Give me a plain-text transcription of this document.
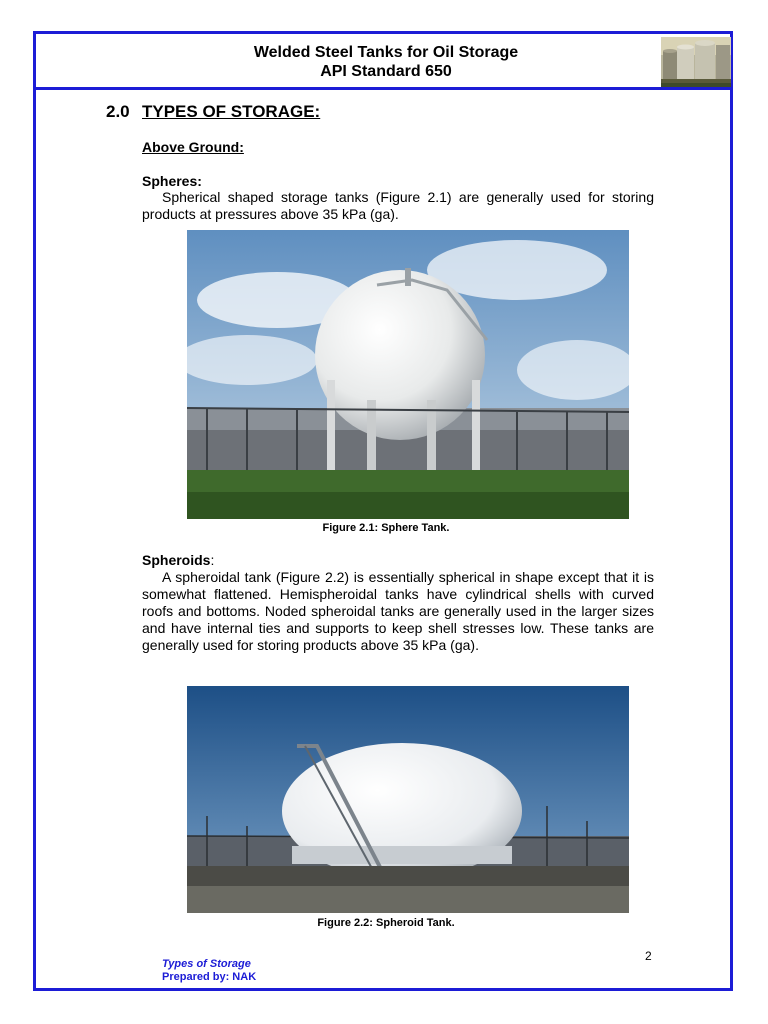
Welded Steel Tanks for Oil Storage
API Standard 650
2.0 TYPES OF STORAGE:
Above Ground:
Spheres:
Spherical shaped storage tanks (Figure 2.1) are generally used for storing products at pressures above 35 kPa (ga).
Figure 2.1: Sphere Tank.
Spheroids:
A spheroidal tank (Figure 2.2) is essentially spherical in shape except that it is somewhat flattened. Hemispheroidal tanks have cylindrical shells with curved roofs and bottoms. Noded spheroidal tanks are generally used in the larger sizes and have internal ties and supports to keep shell stresses low. These tanks are generally used for storing products above 35 kPa (ga).
Figure 2.2: Spheroid Tank.
2
Types of Storage
Prepared by: NAK
